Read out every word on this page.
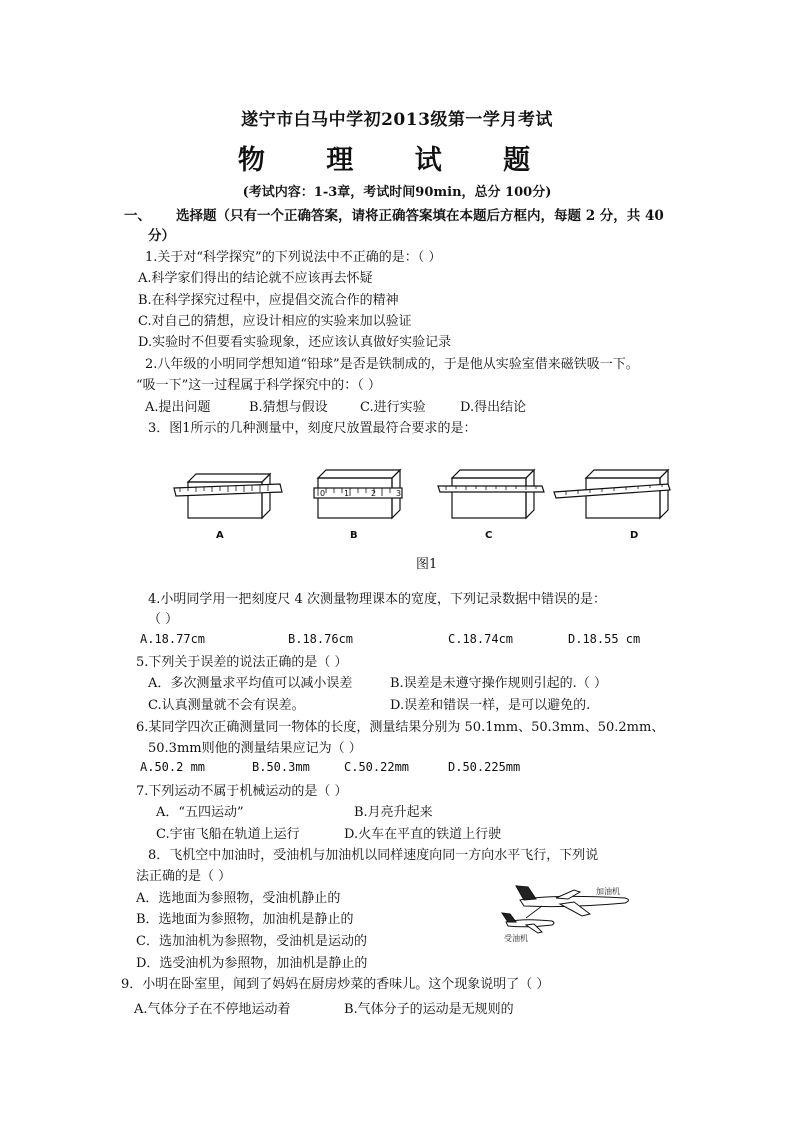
遂宁市白马中学初2013级第一学月考试
物 理 试 题
(考试内容：1-3章，考试时间90min，总分 100分)
一、 选择题（只有一个正确答案，请将正确答案填在本题后方框内，每题 2 分，共 40
分）
1.关于对“科学探究”的下列说法中不正确的是：（ ）
A.科学家们得出的结论就不应该再去怀疑
B.在科学探究过程中，应提倡交流合作的精神
C.对自己的猜想，应设计相应的实验来加以验证
D.实验时不但要看实验现象，还应该认真做好实验记录
2.八年级的小明同学想知道“铅球”是否是铁制成的，于是他从实验室借来磁铁吸一下。
“吸一下”这一过程属于科学探究中的：（ ）
A.提出问题	B.猜想与假设 C.进行实验	D.得出结论
3．图1所示的几种测量中，刻度尺放置最符合要求的是：
0 1	2 3
A	B	C	D
图1
4.小明同学用一把刻度尺 4 次测量物理课本的宽度，下列记录数据中错误的是：
（ ）
A.18.77cm	B.18.76cm	C.18.74cm	D.18.55 cm
5.下列关于误差的说法正确的是（ ）
A．多次测量求平均值可以减小误差	B.误差是未遵守操作规则引起的.（ ）
C.认真测量就不会有误差。	D.误差和错误一样，是可以避免的.
6.某同学四次正确测量同一物体的长度，测量结果分别为 50.1mm、50.3mm、50.2mm、
50.3mm则他的测量结果应记为（ ）
A.50.2 mm	B.50.3mm	C.50.22mm	D.50.225mm
7.下列运动不属于机械运动的是（ ）
A．“五四运动”	B.月亮升起来
C.宇宙飞船在轨道上运行	D.火车在平直的铁道上行驶
8．飞机空中加油时，受油机与加油机以同样速度向同一方向水平飞行，下列说
法正确的是（ ）
A．选地面为参照物，受油机静止的
B．选地面为参照物，加油机是静止的
C．选加油机为参照物，受油机是运动的
D．选受油机为参照物，加油机是静止的
加油机
受油机
9．小明在卧室里，闻到了妈妈在厨房炒菜的香味儿。这个现象说明了（ ）
A.气体分子在不停地运动着	B.气体分子的运动是无规则的
